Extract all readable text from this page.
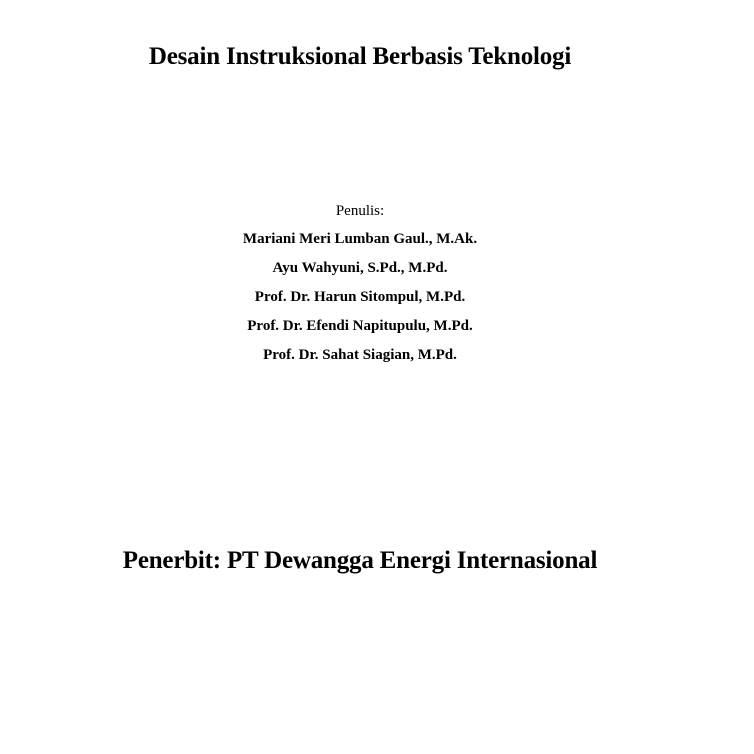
Desain Instruksional Berbasis Teknologi
Penulis:
Mariani Meri Lumban Gaul., M.Ak.
Ayu Wahyuni, S.Pd., M.Pd.
Prof. Dr. Harun Sitompul, M.Pd.
Prof. Dr. Efendi Napitupulu, M.Pd.
Prof. Dr. Sahat Siagian, M.Pd.
Penerbit: PT Dewangga Energi Internasional
